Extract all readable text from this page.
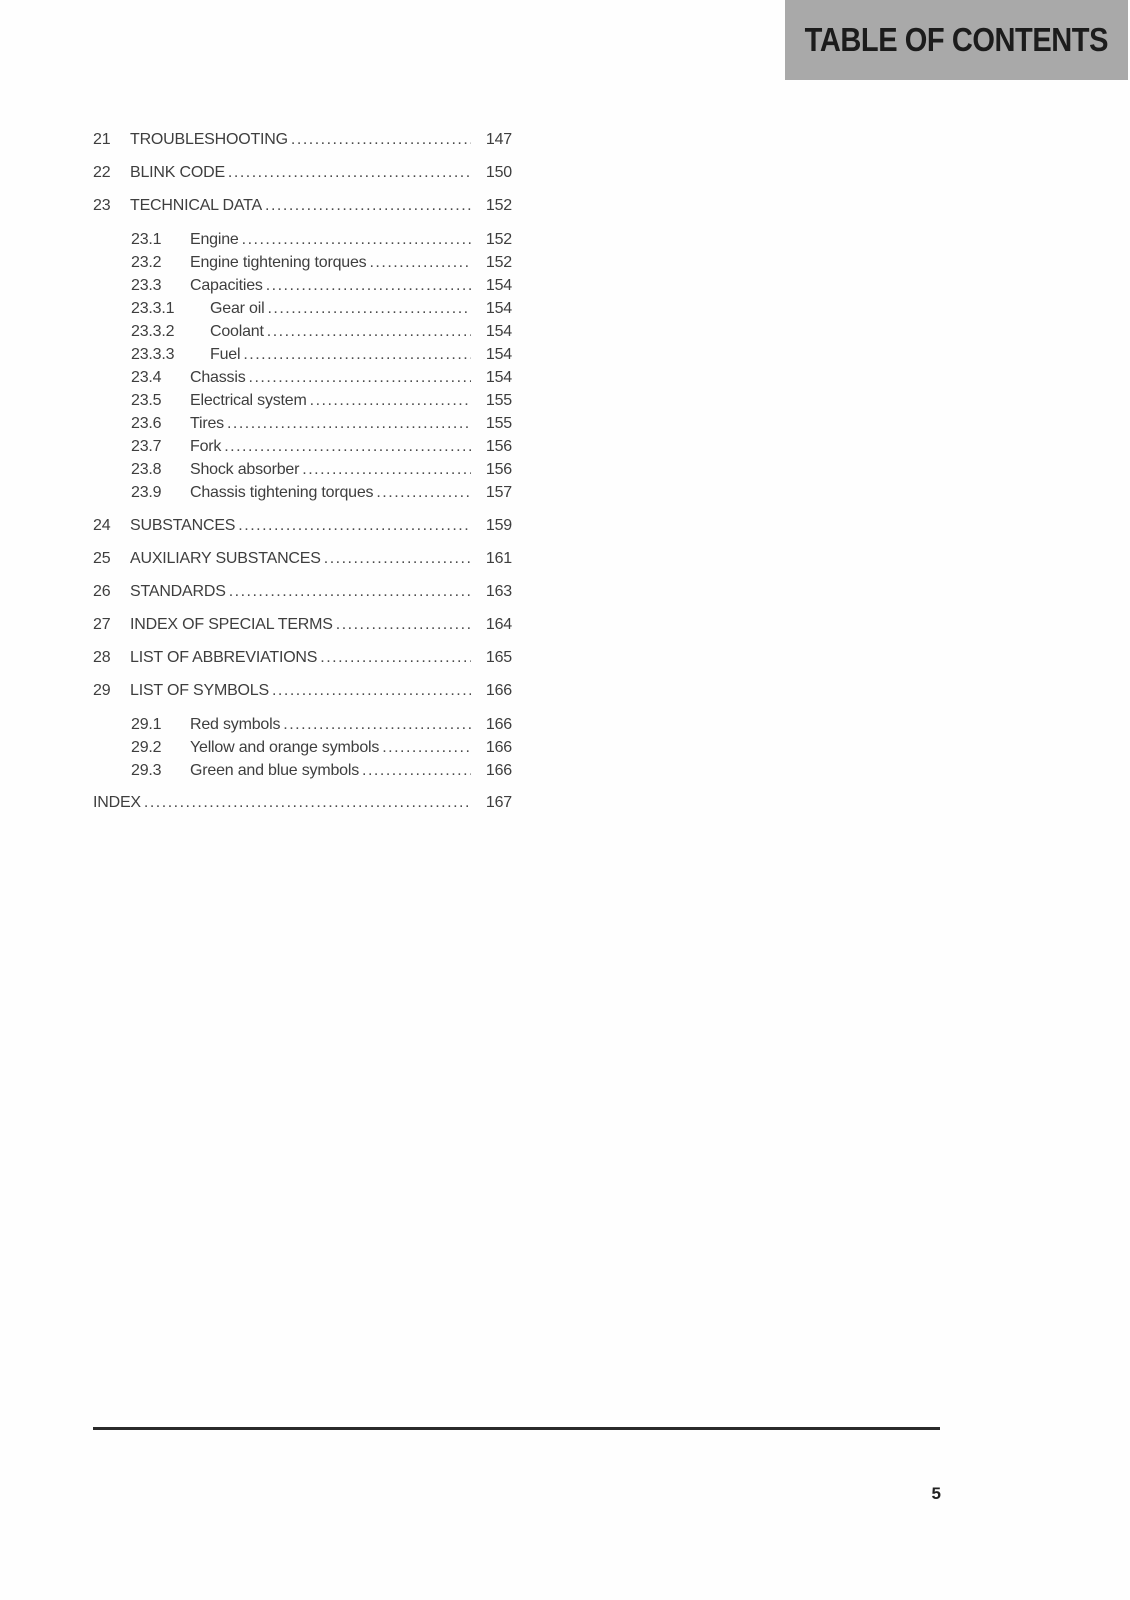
TABLE OF CONTENTS
21	TROUBLESHOOTING .....	147
22	BLINK CODE .....	150
23	TECHNICAL DATA .....	152
23.1	Engine .....	152
23.2	Engine tightening torques .....	152
23.3	Capacities .....	154
23.3.1	Gear oil .....	154
23.3.2	Coolant .....	154
23.3.3	Fuel .....	154
23.4	Chassis .....	154
23.5	Electrical system .....	155
23.6	Tires .....	155
23.7	Fork .....	156
23.8	Shock absorber .....	156
23.9	Chassis tightening torques .....	157
24	SUBSTANCES .....	159
25	AUXILIARY SUBSTANCES .....	161
26	STANDARDS .....	163
27	INDEX OF SPECIAL TERMS .....	164
28	LIST OF ABBREVIATIONS .....	165
29	LIST OF SYMBOLS .....	166
29.1	Red symbols .....	166
29.2	Yellow and orange symbols .....	166
29.3	Green and blue symbols .....	166
INDEX .....	167
5
